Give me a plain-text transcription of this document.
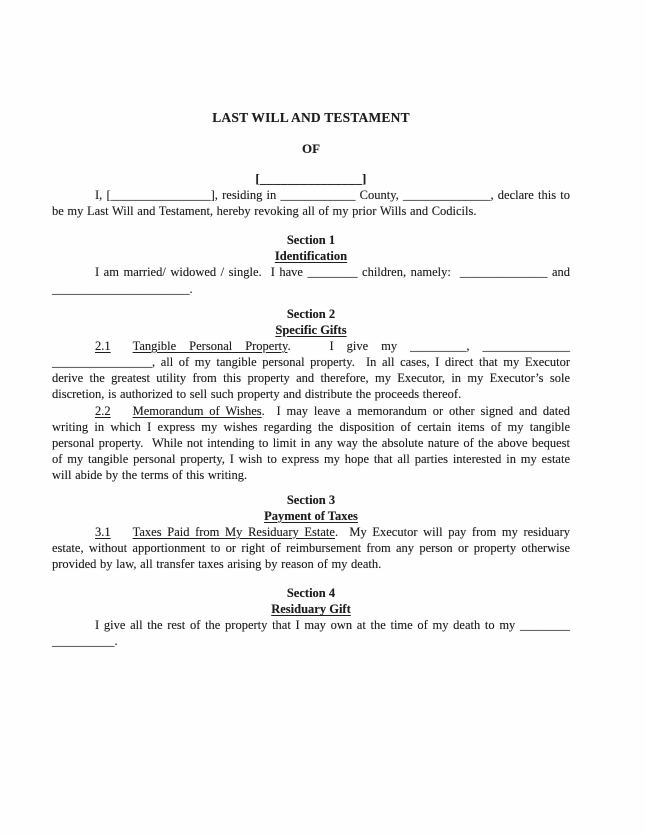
LAST WILL AND TESTAMENT
OF
[_______________]

I, [________________], residing in ____________ County, ______________, declare this to be my Last Will and Testament, hereby revoking all of my prior Wills and Codicils.

Section 1
Identification

I am married/ widowed / single.  I have ________ children, namely:  ______________ and ______________________.

Section 2
Specific Gifts

2.1 Tangible Personal Property.   I give my _________, ______________ ________________, all of my tangible personal property.  In all cases, I direct that my Executor derive the greatest utility from this property and therefore, my Executor, in my Executor’s sole discretion, is authorized to sell such property and distribute the proceeds thereof.

2.2 Memorandum of Wishes.  I may leave a memorandum or other signed and dated writing in which I express my wishes regarding the disposition of certain items of my tangible personal property.  While not intending to limit in any way the absolute nature of the above bequest of my tangible personal property, I wish to express my hope that all parties interested in my estate will abide by the terms of this writing.

Section 3
Payment of Taxes

3.1 Taxes Paid from My Residuary Estate.  My Executor will pay from my residuary estate, without apportionment to or right of reimbursement from any person or property otherwise provided by law, all transfer taxes arising by reason of my death.

Section 4
Residuary Gift

I give all the rest of the property that I may own at the time of my death to my ________ __________.
